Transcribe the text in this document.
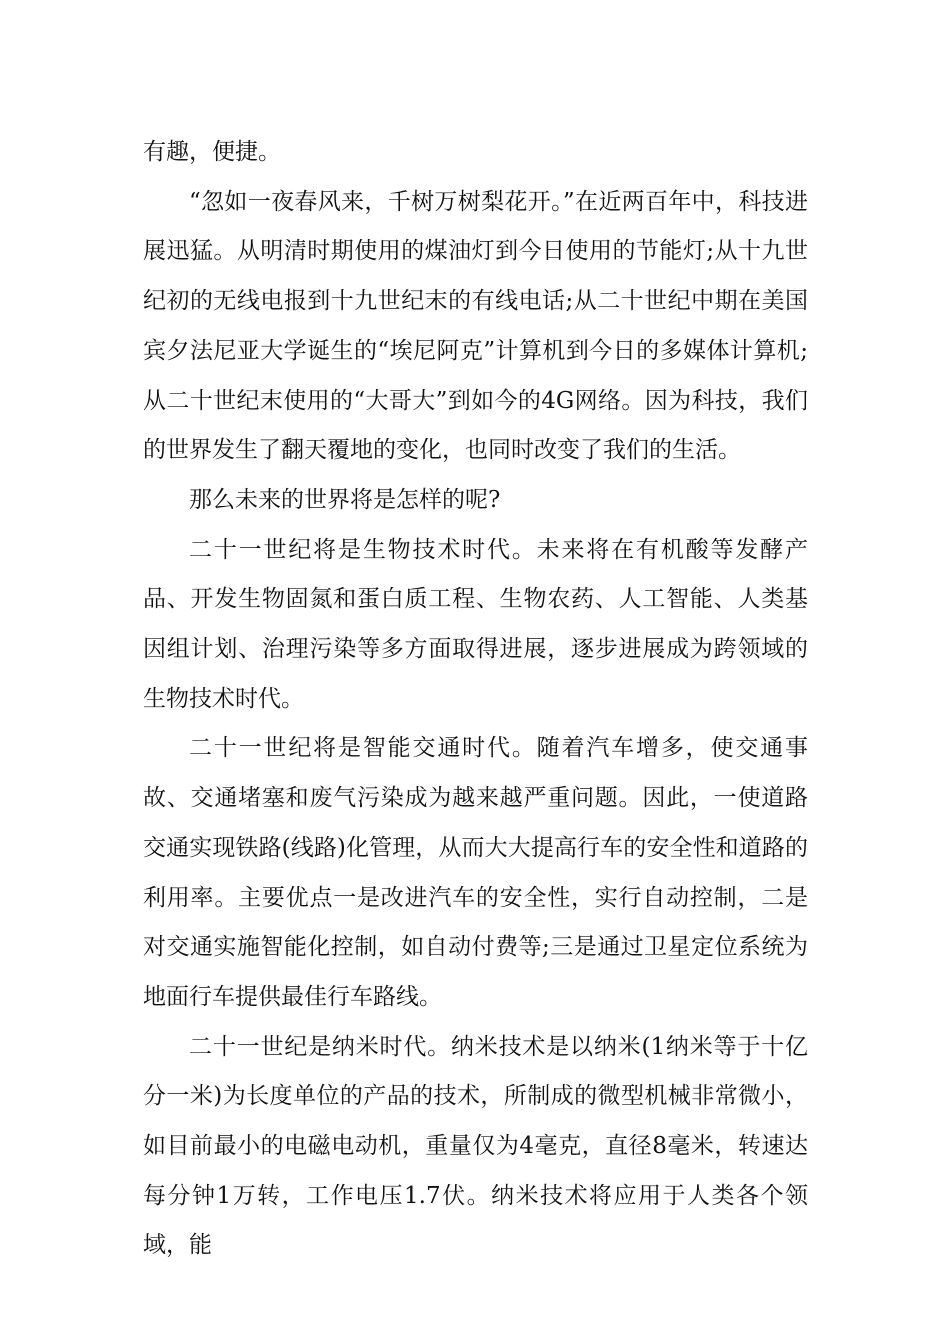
有趣，便捷。

“忽如一夜春风来，千树万树梨花开。”在近两百年中，科技进展迅猛。从明清时期使用的煤油灯到今日使用的节能灯;从十九世纪初的无线电报到十九世纪末的有线电话;从二十世纪中期在美国宾夕法尼亚大学诞生的“埃尼阿克”计算机到今日的多媒体计算机;从二十世纪末使用的“大哥大”到如今的4G网络。因为科技，我们的世界发生了翻天覆地的变化，也同时改变了我们的生活。

那么未来的世界将是怎样的呢?

二十一世纪将是生物技术时代。未来将在有机酸等发酵产品、开发生物固氮和蛋白质工程、生物农药、人工智能、人类基因组计划、治理污染等多方面取得进展，逐步进展成为跨领域的生物技术时代。

二十一世纪将是智能交通时代。随着汽车增多，使交通事故、交通堵塞和废气污染成为越来越严重问题。因此，一使道路交通实现铁路(线路)化管理，从而大大提高行车的安全性和道路的利用率。主要优点一是改进汽车的安全性，实行自动控制，二是对交通实施智能化控制，如自动付费等;三是通过卫星定位系统为地面行车提供最佳行车路线。

二十一世纪是纳米时代。纳米技术是以纳米(1纳米等于十亿分一米)为长度单位的产品的技术，所制成的微型机械非常微小，如目前最小的电磁电动机，重量仅为4毫克，直径8毫米，转速达每分钟1万转，工作电压1.7伏。纳米技术将应用于人类各个领域，能
